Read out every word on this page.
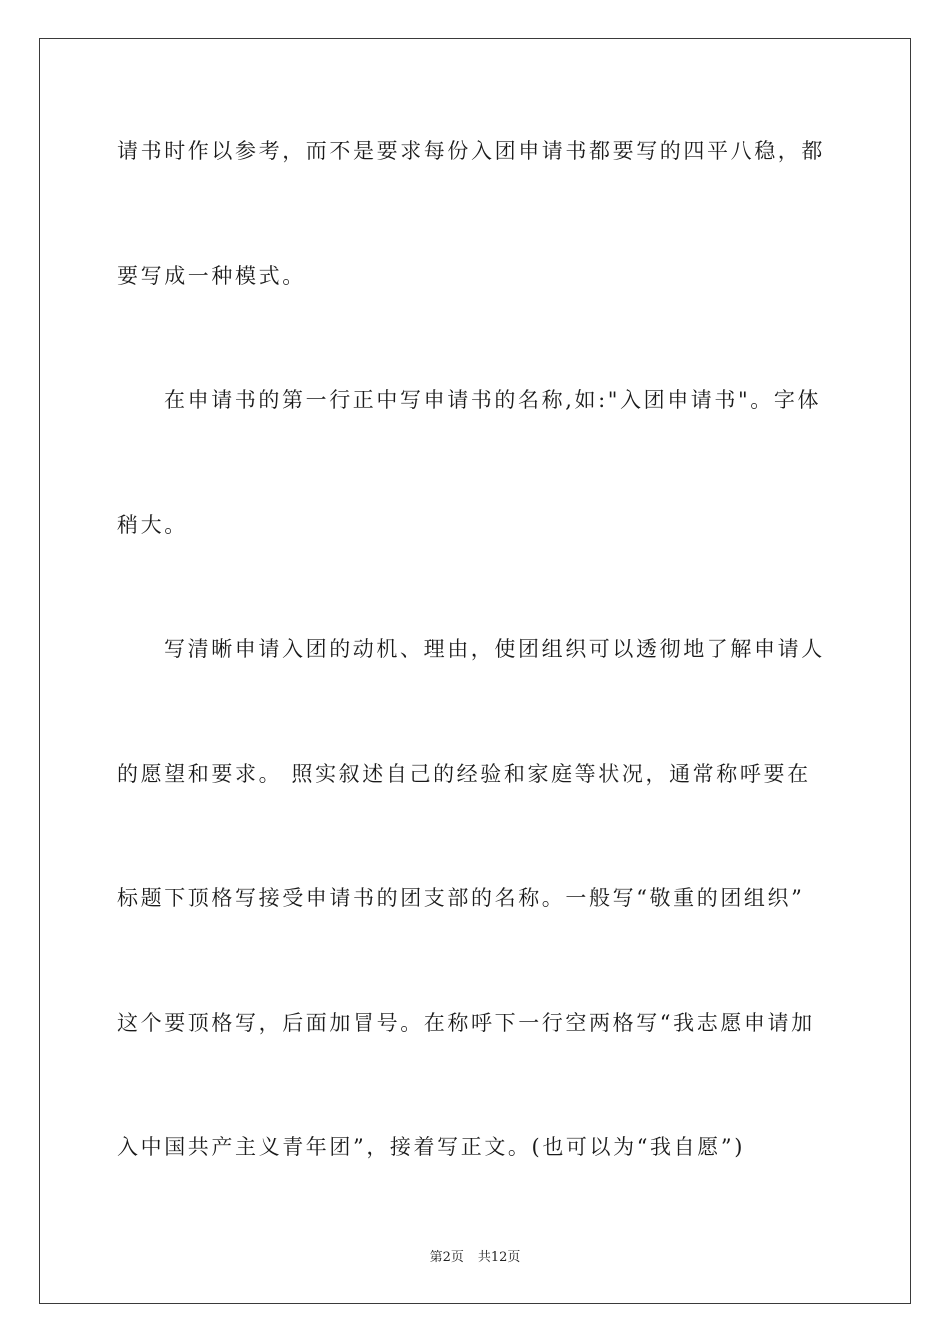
请书时作以参考，而不是要求每份入团申请书都要写的四平八稳，都
要写成一种模式。
在申请书的第一行正中写申请书的名称,如:"入团申请书"。字体
稍大。
写清晰申请入团的动机、理由，使团组织可以透彻地了解申请人
的愿望和要求。 照实叙述自己的经验和家庭等状况，通常称呼要在
标题下顶格写接受申请书的团支部的名称。一般写“敬重的团组织”
这个要顶格写，后面加冒号。在称呼下一行空两格写“我志愿申请加
入中国共产主义青年团”，接着写正文。(也可以为“我自愿”)
第2页 共12页
